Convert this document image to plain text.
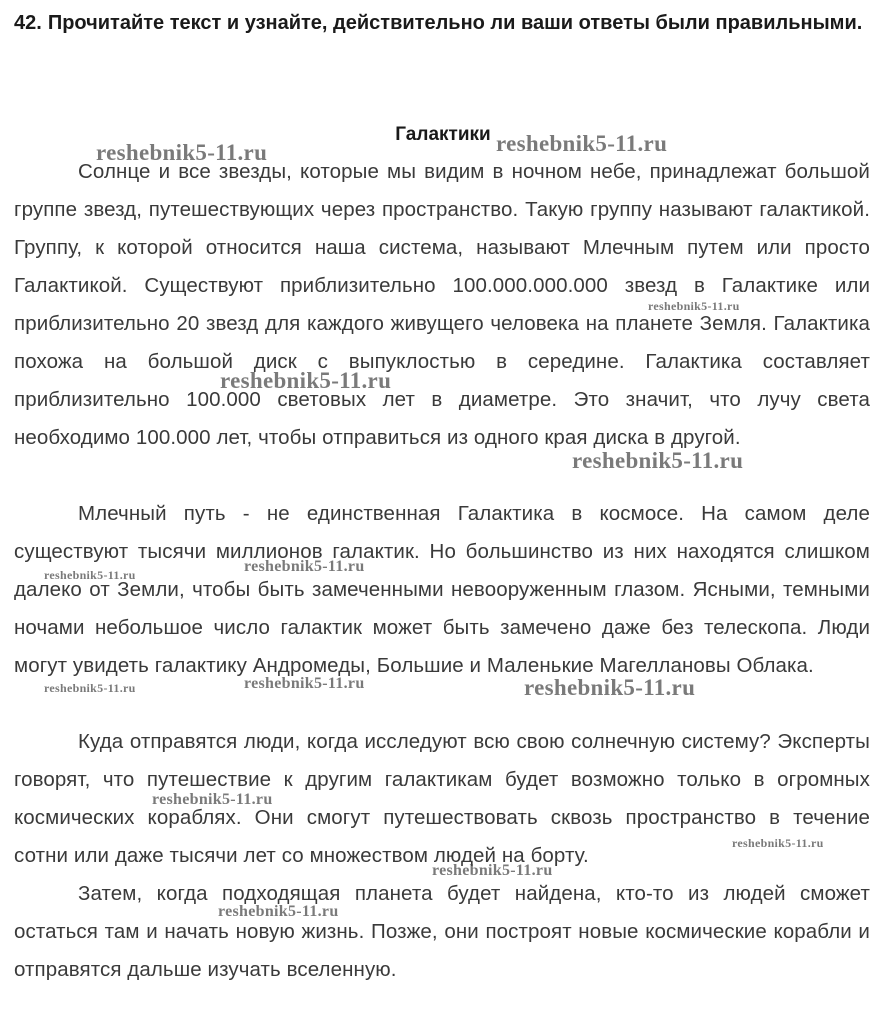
42. Прочитайте текст и узнайте, действительно ли ваши ответы были правильными.
Галактики
Солнце и все звезды, которые мы видим в ночном небе, принадлежат большой группе звезд, путешествующих через пространство. Такую группу называют галактикой. Группу, к которой относится наша система, называют Млечным путем или просто Галактикой. Существуют приблизительно 100.000.000.000 звезд в Галактике или приблизительно 20 звезд для каждого живущего человека на планете Земля. Галактика похожа на большой диск с выпуклостью в середине. Галактика составляет приблизительно 100.000 световых лет в диаметре. Это значит, что лучу света необходимо 100.000 лет, чтобы отправиться из одного края диска в другой.
Млечный путь - не единственная Галактика в космосе. На самом деле существуют тысячи миллионов галактик. Но большинство из них находятся слишком далеко от Земли, чтобы быть замеченными невооруженным глазом. Ясными, темными ночами небольшое число галактик может быть замечено даже без телескопа. Люди могут увидеть галактику Андромеды, Большие и Маленькие Магеллановы Облака.
Куда отправятся люди, когда исследуют всю свою солнечную систему? Эксперты говорят, что путешествие к другим галактикам будет возможно только в огромных космических кораблях. Они смогут путешествовать сквозь пространство в течение сотни или даже тысячи лет со множеством людей на борту.
Затем, когда подходящая планета будет найдена, кто-то из людей сможет остаться там и начать новую жизнь. Позже, они построят новые космические корабли и отправятся дальше изучать вселенную.
reshebnik5-11.ru	reshebnik5-11.ru
reshebnik5-11.ru
reshebnik5-11.ru
reshebnik5-11.ru
reshebnik5-11.ru
reshebnik5-11.ru
reshebnik5-11.ru
reshebnik5-11.ru	reshebnik5-11.ru
reshebnik5-11.ru
reshebnik5-11.ru
reshebnik5-11.ru
reshebnik5-11.ru
